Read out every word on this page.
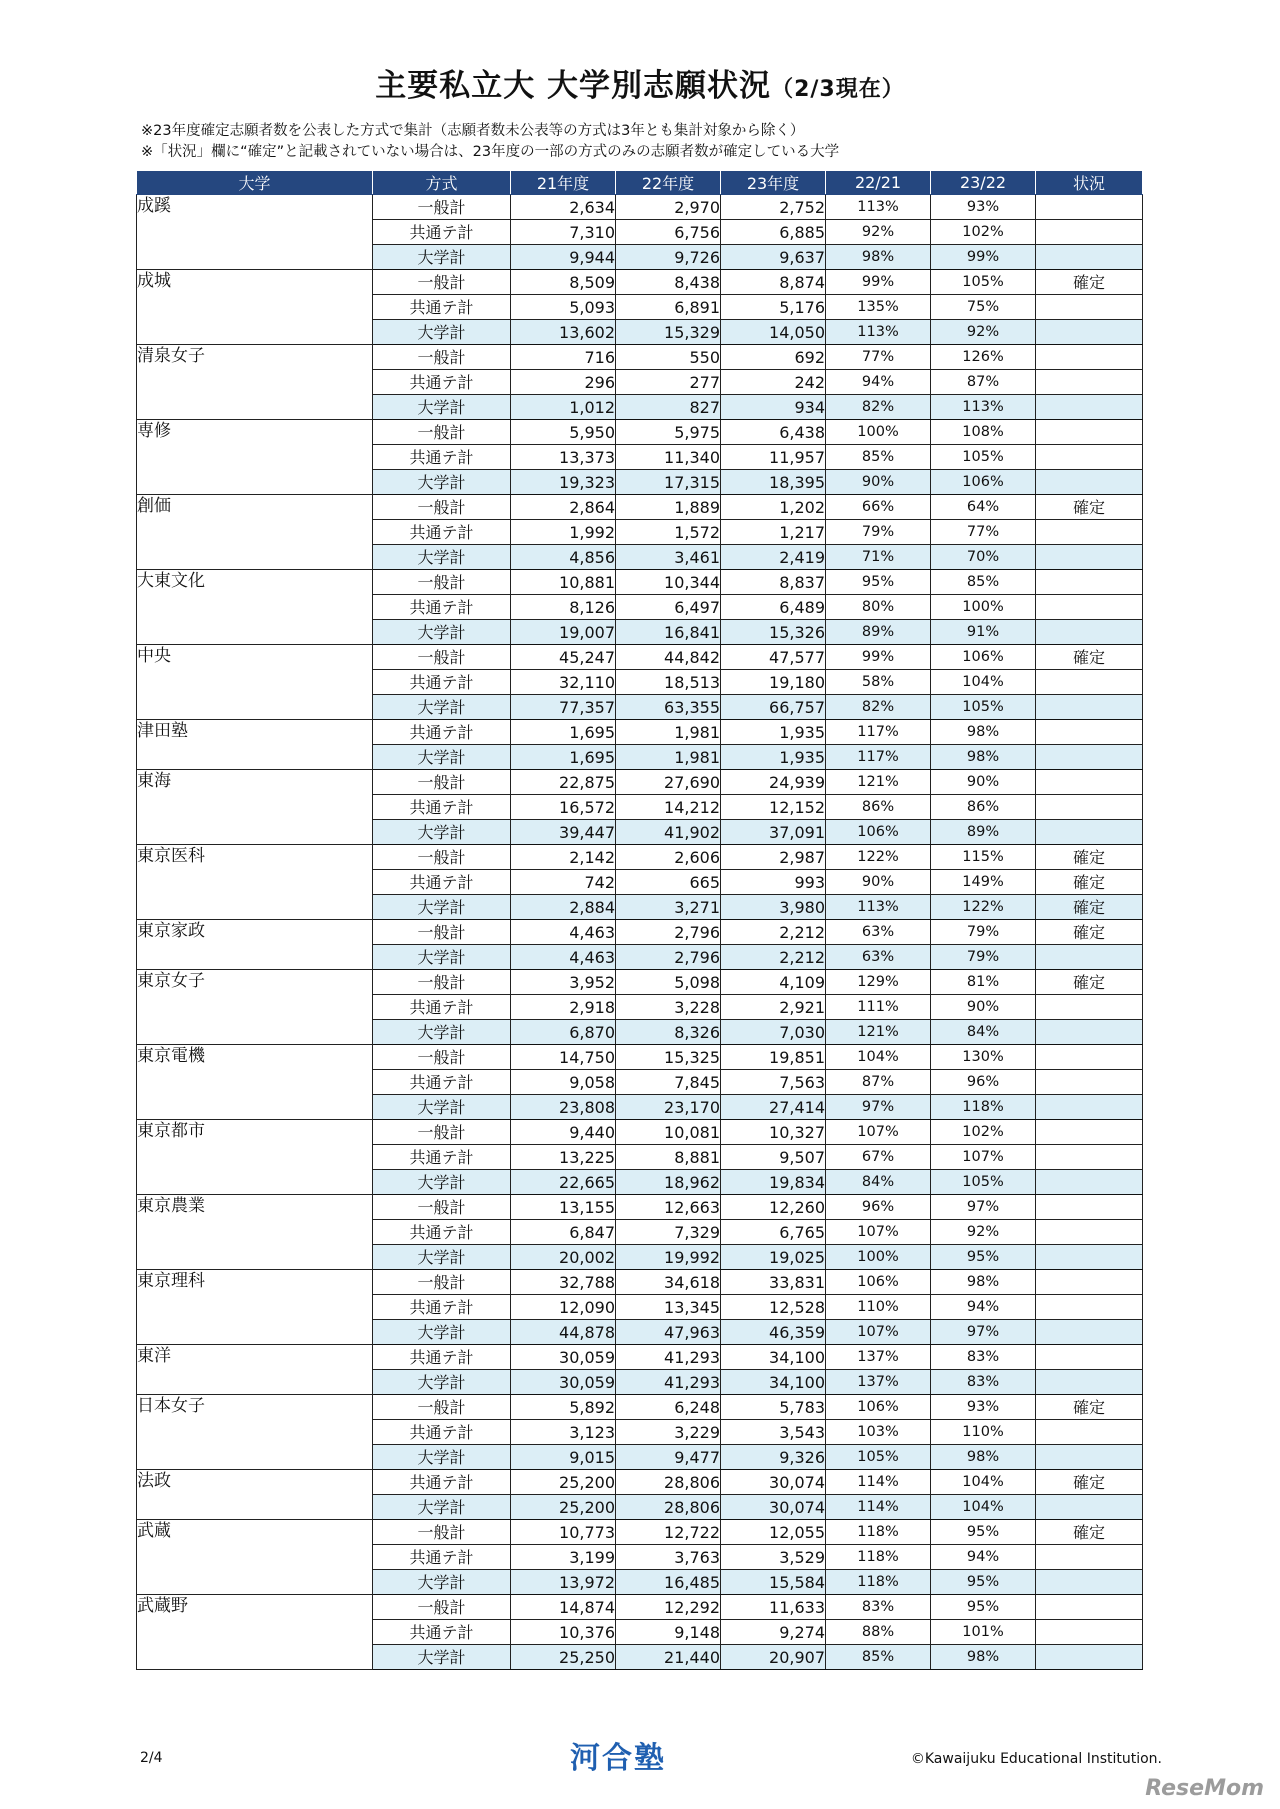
主要私立大 大学別志願状況（2/3現在）
※23年度確定志願者数を公表した方式で集計（志願者数未公表等の方式は3年とも集計対象から除く）
※「状況」欄に“確定”と記載されていない場合は、23年度の一部の方式のみの志願者数が確定している大学
大学	方式	21年度	22年度	23年度	22/21	23/22	状況
成蹊	一般計	2,634	2,970	2,752	113%	93%	
	共通テ計	7,310	6,756	6,885	92%	102%	
	大学計	9,944	9,726	9,637	98%	99%	
成城	一般計	8,509	8,438	8,874	99%	105%	確定
	共通テ計	5,093	6,891	5,176	135%	75%	
	大学計	13,602	15,329	14,050	113%	92%	
清泉女子	一般計	716	550	692	77%	126%	
	共通テ計	296	277	242	94%	87%	
	大学計	1,012	827	934	82%	113%	
専修	一般計	5,950	5,975	6,438	100%	108%	
	共通テ計	13,373	11,340	11,957	85%	105%	
	大学計	19,323	17,315	18,395	90%	106%	
創価	一般計	2,864	1,889	1,202	66%	64%	確定
	共通テ計	1,992	1,572	1,217	79%	77%	
	大学計	4,856	3,461	2,419	71%	70%	
大東文化	一般計	10,881	10,344	8,837	95%	85%	
	共通テ計	8,126	6,497	6,489	80%	100%	
	大学計	19,007	16,841	15,326	89%	91%	
中央	一般計	45,247	44,842	47,577	99%	106%	確定
	共通テ計	32,110	18,513	19,180	58%	104%	
	大学計	77,357	63,355	66,757	82%	105%	
津田塾	共通テ計	1,695	1,981	1,935	117%	98%	
	大学計	1,695	1,981	1,935	117%	98%	
東海	一般計	22,875	27,690	24,939	121%	90%	
	共通テ計	16,572	14,212	12,152	86%	86%	
	大学計	39,447	41,902	37,091	106%	89%	
東京医科	一般計	2,142	2,606	2,987	122%	115%	確定
	共通テ計	742	665	993	90%	149%	確定
	大学計	2,884	3,271	3,980	113%	122%	確定
東京家政	一般計	4,463	2,796	2,212	63%	79%	確定
	大学計	4,463	2,796	2,212	63%	79%	
東京女子	一般計	3,952	5,098	4,109	129%	81%	確定
	共通テ計	2,918	3,228	2,921	111%	90%	
	大学計	6,870	8,326	7,030	121%	84%	
東京電機	一般計	14,750	15,325	19,851	104%	130%	
	共通テ計	9,058	7,845	7,563	87%	96%	
	大学計	23,808	23,170	27,414	97%	118%	
東京都市	一般計	9,440	10,081	10,327	107%	102%	
	共通テ計	13,225	8,881	9,507	67%	107%	
	大学計	22,665	18,962	19,834	84%	105%	
東京農業	一般計	13,155	12,663	12,260	96%	97%	
	共通テ計	6,847	7,329	6,765	107%	92%	
	大学計	20,002	19,992	19,025	100%	95%	
東京理科	一般計	32,788	34,618	33,831	106%	98%	
	共通テ計	12,090	13,345	12,528	110%	94%	
	大学計	44,878	47,963	46,359	107%	97%	
東洋	共通テ計	30,059	41,293	34,100	137%	83%	
	大学計	30,059	41,293	34,100	137%	83%	
日本女子	一般計	5,892	6,248	5,783	106%	93%	確定
	共通テ計	3,123	3,229	3,543	103%	110%	
	大学計	9,015	9,477	9,326	105%	98%	
法政	共通テ計	25,200	28,806	30,074	114%	104%	確定
	大学計	25,200	28,806	30,074	114%	104%	
武蔵	一般計	10,773	12,722	12,055	118%	95%	確定
	共通テ計	3,199	3,763	3,529	118%	94%	
	大学計	13,972	16,485	15,584	118%	95%	
武蔵野	一般計	14,874	12,292	11,633	83%	95%	
	共通テ計	10,376	9,148	9,274	88%	101%	
	大学計	25,250	21,440	20,907	85%	98%	
2/4	河合塾	©Kawaijuku Educational Institution.
ReseMom
